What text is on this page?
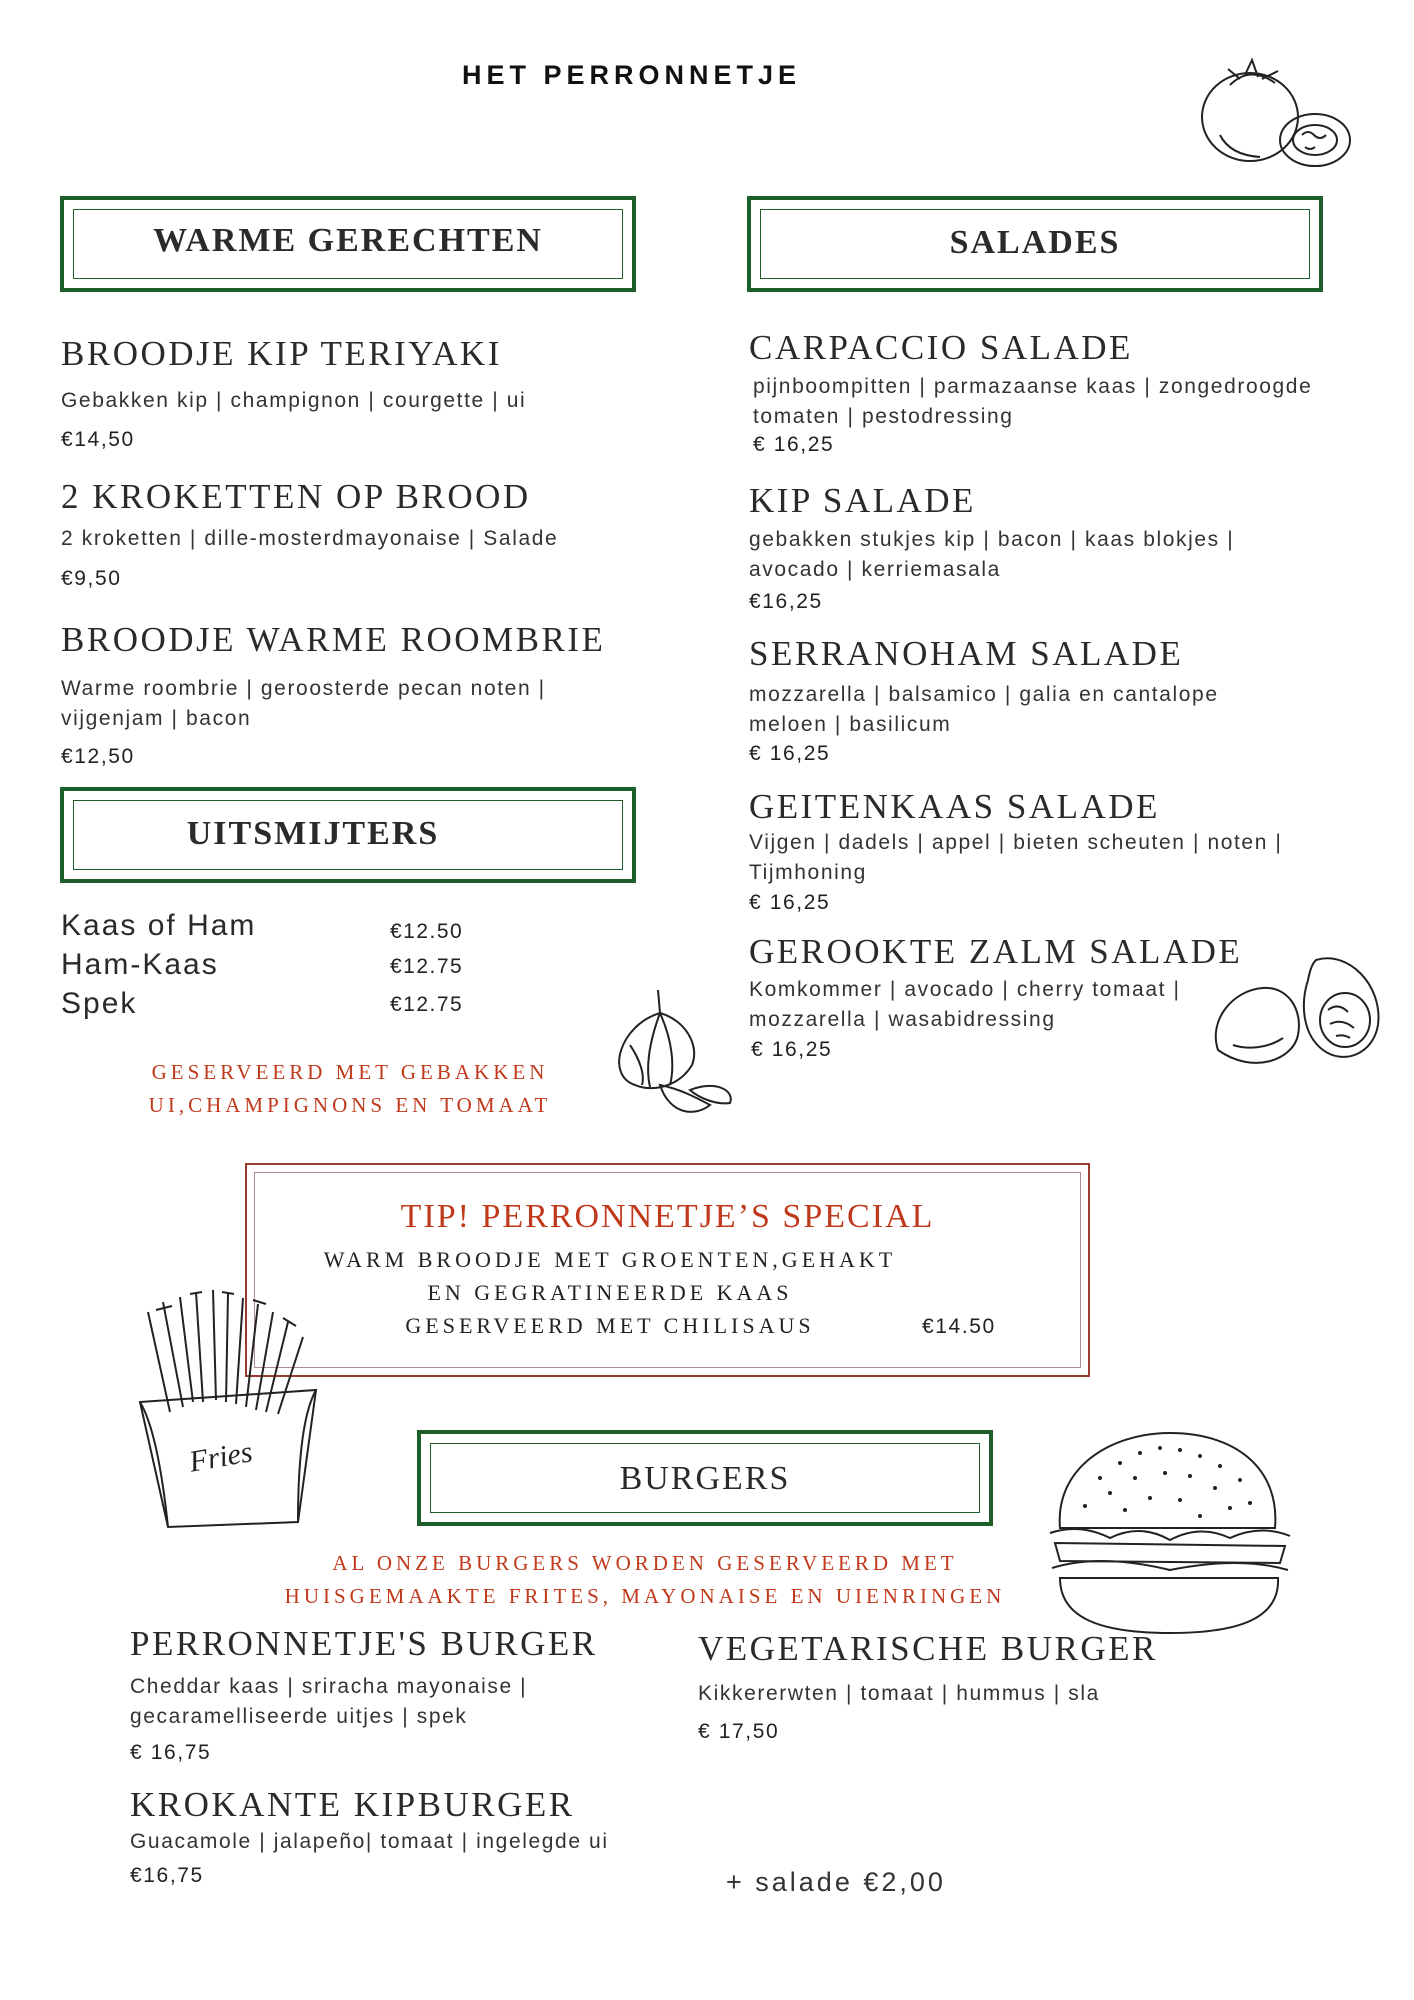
HET PERRONNETJE
WARME GERECHTEN	SALADES
BROODJE KIP TERIYAKI
Gebakken kip | champignon | courgette | ui
€14,50
2 KROKETTEN OP BROOD
2 kroketten | dille-mosterdmayonaise | Salade
€9,50
BROODJE WARME ROOMBRIE
Warme roombrie | geroosterde pecan noten |
vijgenjam | bacon
€12,50
UITSMIJTERS
Kaas of Ham	€12.50
Ham-Kaas	€12.75
Spek	€12.75
GESERVEERD MET GEBAKKEN
UI,CHAMPIGNONS EN TOMAAT
CARPACCIO SALADE
pijnboompitten | parmazaanse kaas | zongedroogde
tomaten | pestodressing
€ 16,25
KIP SALADE
gebakken stukjes kip | bacon | kaas blokjes |
avocado | kerriemasala
€16,25
SERRANOHAM SALADE
mozzarella | balsamico | galia en cantalope
meloen | basilicum
€ 16,25
GEITENKAAS SALADE
Vijgen | dadels | appel | bieten scheuten | noten |
Tijmhoning
€ 16,25
GEROOKTE ZALM SALADE
Komkommer | avocado | cherry tomaat |
mozzarella | wasabidressing
€ 16,25
TIP! PERRONNETJE’S SPECIAL
WARM BROODJE MET GROENTEN,GEHAKT
EN GEGRATINEERDE KAAS
GESERVEERD MET CHILISAUS	€14.50
Fries	BURGERS
AL ONZE BURGERS WORDEN GESERVEERD MET
HUISGEMAAKTE FRITES, MAYONAISE EN UIENRINGEN
PERRONNETJE'S BURGER
Cheddar kaas | sriracha mayonaise |
gecaramelliseerde uitjes | spek
€ 16,75
KROKANTE KIPBURGER
Guacamole | jalapeño| tomaat | ingelegde ui
€16,75
VEGETARISCHE BURGER
Kikkererwten | tomaat | hummus | sla
€ 17,50
+ salade €2,00
